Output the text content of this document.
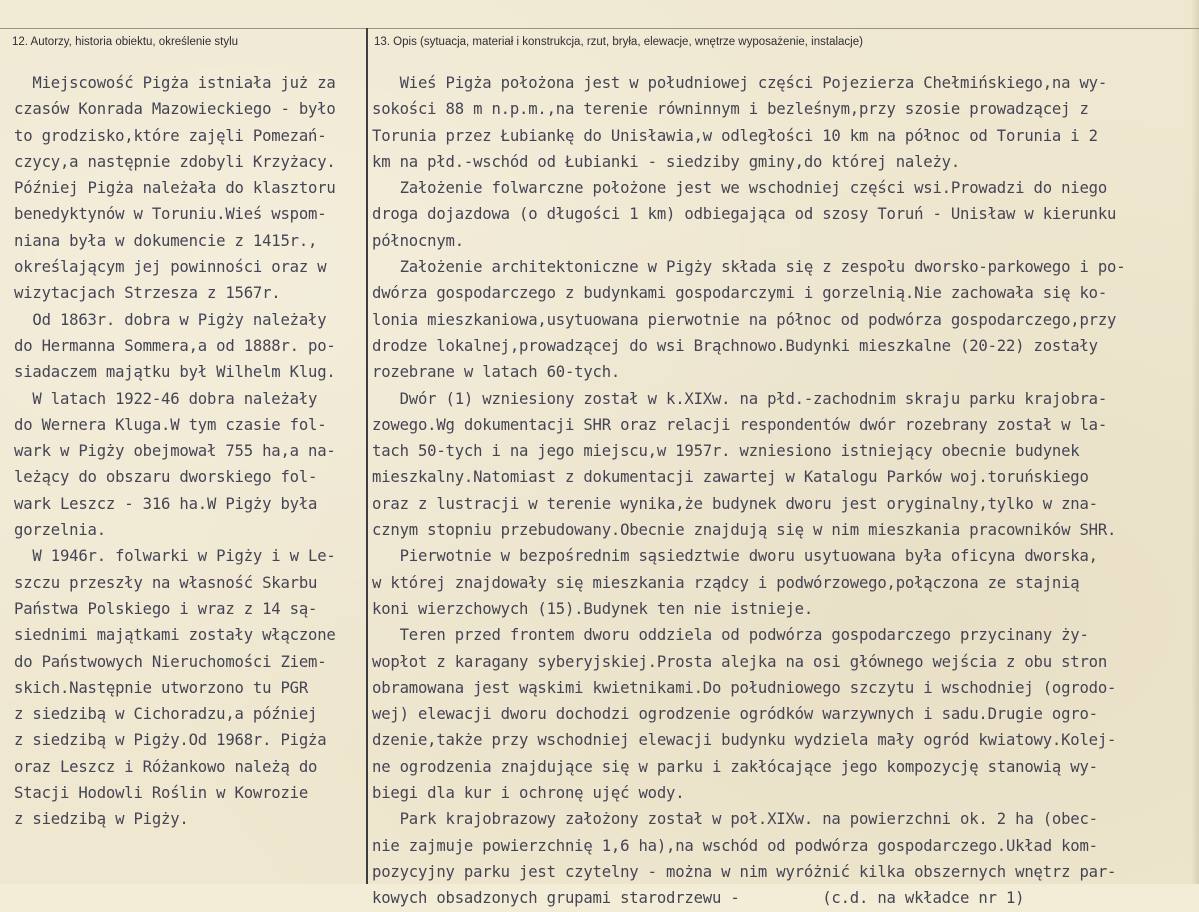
12. Autorzy, historia obiektu, określenie stylu	13. Opis (sytuacja, materiał i konstrukcja, rzut, bryła, elewacje, wnętrze wyposażenie, instalacje)
Miejscowość Pigża istniała już za
czasów Konrada Mazowieckiego - było
to grodzisko,które zajęli Pomezań-
czycy,a następnie zdobyli Krzyżacy.
Później Pigża należała do klasztoru
benedyktynów w Toruniu.Wieś wspom-
niana była w dokumencie z 1415r.,
określającym jej powinności oraz w
wizytacjach Strzesza z 1567r.
Od 1863r. dobra w Pigży należały
do Hermanna Sommera,a od 1888r. po-
siadaczem majątku był Wilhelm Klug.
W latach 1922-46 dobra należały
do Wernera Kluga.W tym czasie fol-
wark w Pigży obejmował 755 ha,a na-
leżący do obszaru dworskiego fol-
wark Leszcz - 316 ha.W Pigży była
gorzelnia.
W 1946r. folwarki w Pigży i w Le-
szczu przeszły na własność Skarbu
Państwa Polskiego i wraz z 14 są-
siednimi majątkami zostały włączone
do Państwowych Nieruchomości Ziem-
skich.Następnie utworzono tu PGR
z siedzibą w Cichoradzu,a później
z siedzibą w Pigży.Od 1968r. Pigża
oraz Leszcz i Różankowo należą do
Stacji Hodowli Roślin w Kowrozie
z siedzibą w Pigży.
Wieś Pigża położona jest w południowej części Pojezierza Chełmińskiego,na wy-
sokości 88 m n.p.m.,na terenie równinnym i bezleśnym,przy szosie prowadzącej z
Torunia przez Łubiankę do Unisławia,w odległości 10 km na północ od Torunia i 2
km na płd.-wschód od Łubianki - siedziby gminy,do której należy.
Założenie folwarczne położone jest we wschodniej części wsi.Prowadzi do niego
droga dojazdowa (o długości 1 km) odbiegająca od szosy Toruń - Unisław w kierunku
północnym.
Założenie architektoniczne w Pigży składa się z zespołu dworsko-parkowego i po-
dwórza gospodarczego z budynkami gospodarczymi i gorzelnią.Nie zachowała się ko-
lonia mieszkaniowa,usytuowana pierwotnie na północ od podwórza gospodarczego,przy
drodze lokalnej,prowadzącej do wsi Brąchnowo.Budynki mieszkalne (20-22) zostały
rozebrane w latach 60-tych.
Dwór (1) wzniesiony został w k.XIXw. na płd.-zachodnim skraju parku krajobra-
zowego.Wg dokumentacji SHR oraz relacji respondentów dwór rozebrany został w la-
tach 50-tych i na jego miejscu,w 1957r. wzniesiono istniejący obecnie budynek
mieszkalny.Natomiast z dokumentacji zawartej w Katalogu Parków woj.toruńskiego
oraz z lustracji w terenie wynika,że budynek dworu jest oryginalny,tylko w zna-
cznym stopniu przebudowany.Obecnie znajdują się w nim mieszkania pracowników SHR.
Pierwotnie w bezpośrednim sąsiedztwie dworu usytuowana była oficyna dworska,
w której znajdowały się mieszkania rządcy i podwórzowego,połączona ze stajnią
koni wierzchowych (15).Budynek ten nie istnieje.
Teren przed frontem dworu oddziela od podwórza gospodarczego przycinany ży-
wopłot z karagany syberyjskiej.Prosta alejka na osi głównego wejścia z obu stron
obramowana jest wąskimi kwietnikami.Do południowego szczytu i wschodniej (ogrodo-
wej) elewacji dworu dochodzi ogrodzenie ogródków warzywnych i sadu.Drugie ogro-
dzenie,także przy wschodniej elewacji budynku wydziela mały ogród kwiatowy.Kolej-
ne ogrodzenia znajdujące się w parku i zakłócające jego kompozycję stanowią wy-
biegi dla kur i ochronę ujęć wody.
Park krajobrazowy założony został w poł.XIXw. na powierzchni ok. 2 ha (obec-
nie zajmuje powierzchnię 1,6 ha),na wschód od podwórza gospodarczego.Układ kom-
pozycyjny parku jest czytelny - można w nim wyróżnić kilka obszernych wnętrz par-
kowych obsadzonych grupami starodrzewu -         (c.d. na wkładce nr 1)
